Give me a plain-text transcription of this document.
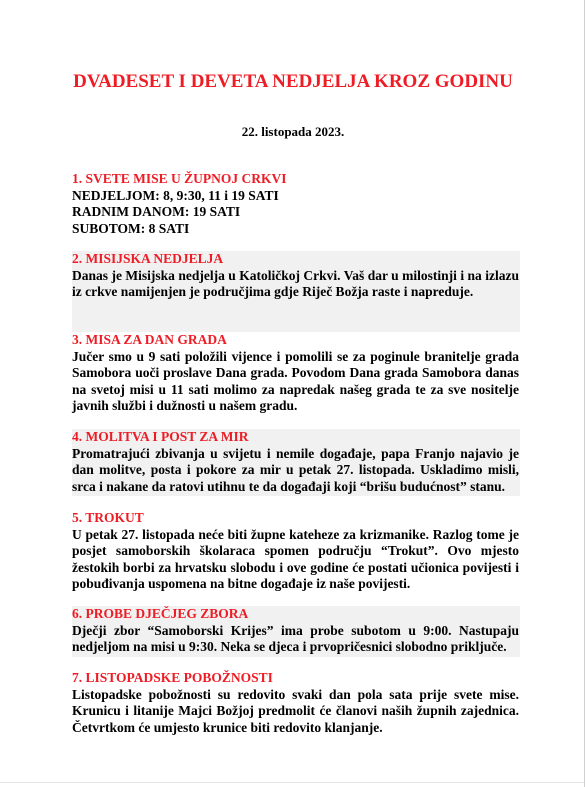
DVADESET I DEVETA NEDJELJA KROZ GODINU
22. listopada 2023.
1. SVETE MISE U ŽUPNOJ CRKVI
NEDJELJOM: 8, 9:30, 11 i 19 SATI
RADNIM DANOM: 19 SATI
SUBOTOM: 8 SATI
2. MISIJSKA NEDJELJA
Danas je Misijska nedjelja u Katoličkoj Crkvi. Vaš dar u milostinji i na izlazu iz crkve namijenjen je područjima gdje Riječ Božja raste i napreduje.
3. MISA ZA DAN GRADA
Jučer smo u 9 sati položili vijence i pomolili se za poginule branitelje grada Samobora uoči proslave Dana grada. Povodom Dana grada Samobora danas na svetoj misi u 11 sati molimo za napredak našeg grada te za sve nositelje javnih službi i dužnosti u našem gradu.
4. MOLITVA I POST ZA MIR
Promatrajući zbivanja u svijetu i nemile događaje, papa Franjo najavio je dan molitve, posta i pokore za mir u petak 27. listopada. Uskladimo misli, srca i nakane da ratovi utihnu te da događaji koji “brišu budućnost” stanu.
5. TROKUT
U petak 27. listopada neće biti župne kateheze za krizmanike. Razlog tome je posjet samoborskih školaraca spomen području “Trokut”. Ovo mjesto žestokih borbi za hrvatsku slobodu i ove godine će postati učionica povijesti i pobuđivanja uspomena na bitne događaje iz naše povijesti.
6. PROBE DJEČJEG ZBORA
Dječji zbor “Samoborski Krijes” ima probe subotom u 9:00. Nastupaju nedjeljom na misi u 9:30. Neka se djeca i prvopričesnici slobodno priključe.
7. LISTOPADSKE POBOŽNOSTI
Listopadske pobožnosti su redovito svaki dan pola sata prije svete mise. Krunicu i litanije Majci Božjoj predmolit će članovi naših župnih zajednica. Četvrtkom će umjesto krunice biti redovito klanjanje.
